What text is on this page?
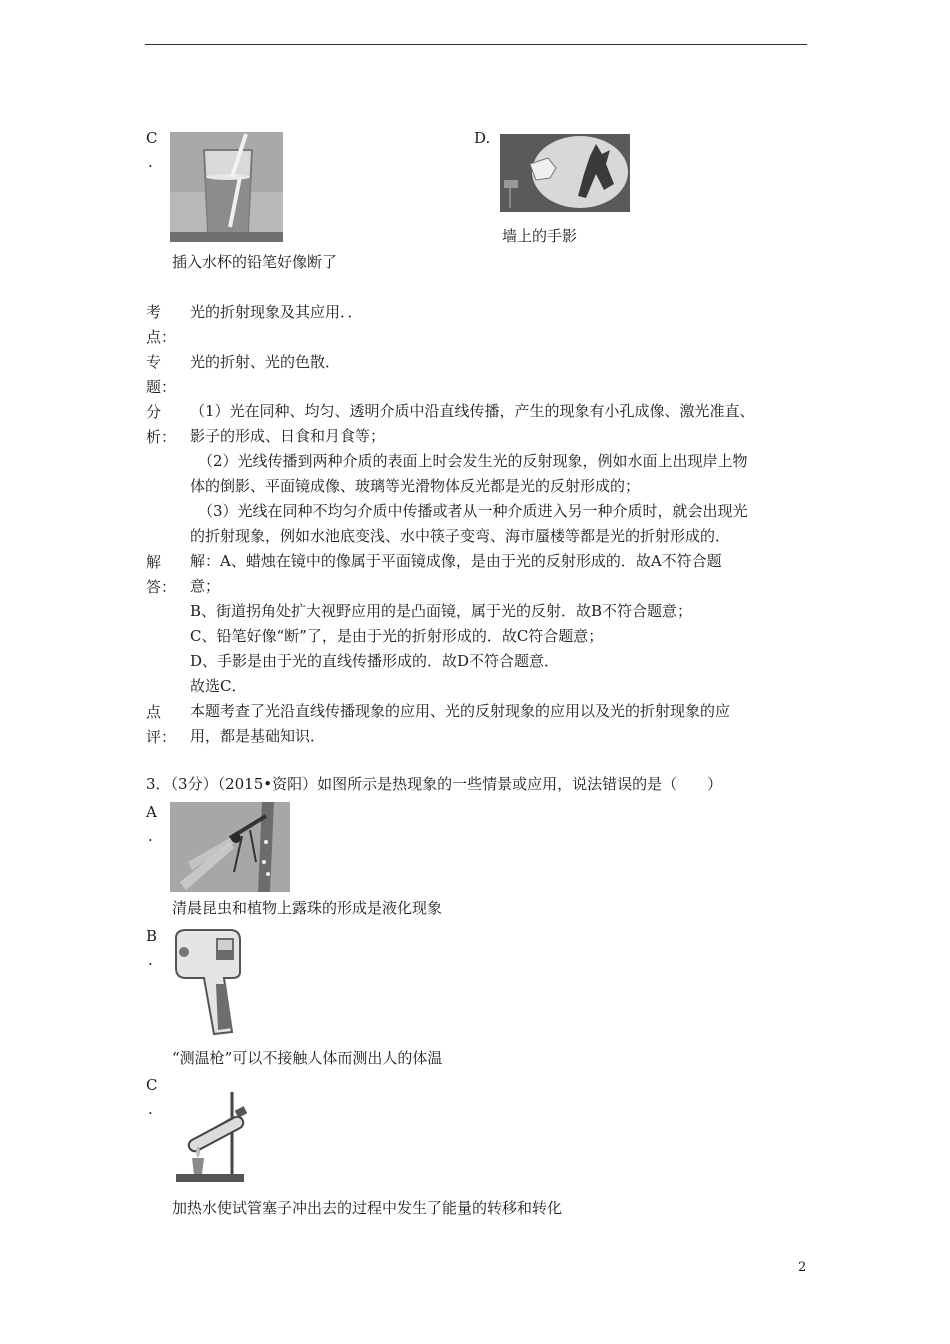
C
.
插入水杯的铅笔好像断了
D.
墙上的手影
考
点：
光的折射现象及其应用．．
专
题：
光的折射、光的色散．
分
析：
（1）光在同种、均匀、透明介质中沿直线传播，产生的现象有小孔成像、激光准直、
影子的形成、日食和月食等；
（2）光线传播到两种介质的表面上时会发生光的反射现象，例如水面上出现岸上物
体的倒影、平面镜成像、玻璃等光滑物体反光都是光的反射形成的；
（3）光线在同种不均匀介质中传播或者从一种介质进入另一种介质时，就会出现光
的折射现象，例如水池底变浅、水中筷子变弯、海市蜃楼等都是光的折射形成的．
解
答：
解：A、蜡烛在镜中的像属于平面镜成像，是由于光的反射形成的．故A不符合题
意；
B、街道拐角处扩大视野应用的是凸面镜，属于光的反射．故B不符合题意；
C、铅笔好像“断”了，是由于光的折射形成的．故C符合题意；
D、手影是由于光的直线传播形成的．故D不符合题意．
故选C．
点
评：
本题考查了光沿直线传播现象的应用、光的反射现象的应用以及光的折射现象的应
用，都是基础知识．
3．（3分）（2015•资阳）如图所示是热现象的一些情景或应用，说法错误的是（　　）
A
.
清晨昆虫和植物上露珠的形成是液化现象
B
.
“测温枪”可以不接触人体而测出人的体温
C
.
加热水使试管塞子冲出去的过程中发生了能量的转移和转化
2
